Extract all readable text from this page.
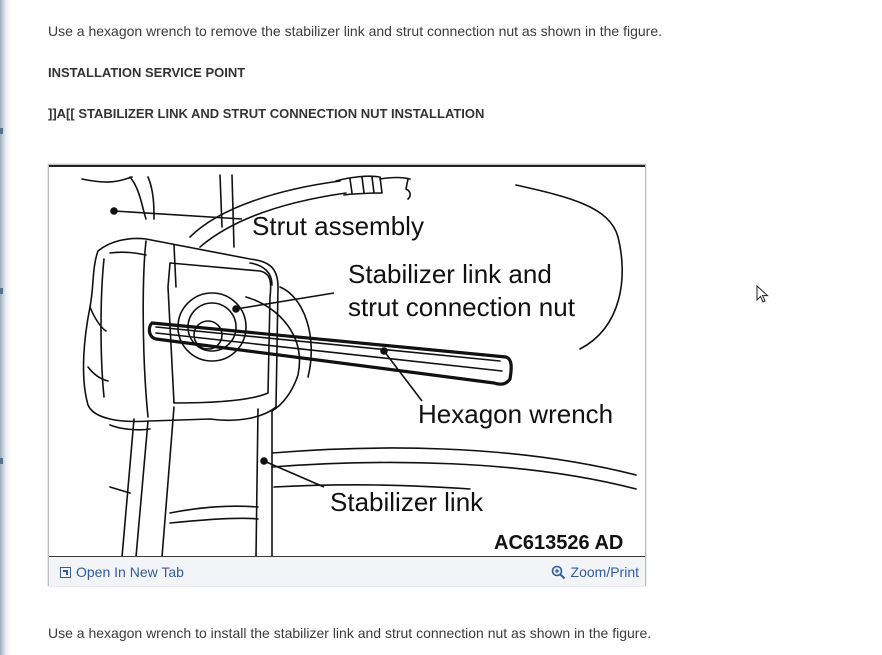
Use a hexagon wrench to remove the stabilizer link and strut connection nut as shown in the figure.

INSTALLATION SERVICE POINT

]]A[[ STABILIZER LINK AND STRUT CONNECTION NUT INSTALLATION

Strut assembly
Stabilizer link and
strut connection nut
Hexagon wrench
Stabilizer link
AC613526 AD
Open In New Tab	Zoom/Print

Use a hexagon wrench to install the stabilizer link and strut connection nut as shown in the figure.
